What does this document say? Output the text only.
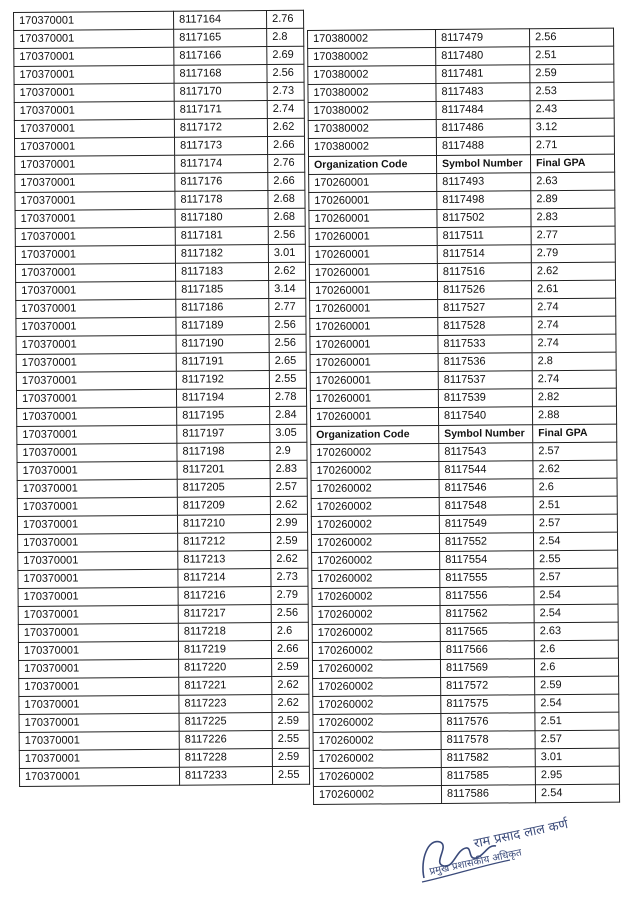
170370001	8117164	2.76
170370001	8117165	2.8
170370001	8117166	2.69
170370001	8117168	2.56
170370001	8117170	2.73
170370001	8117171	2.74
170370001	8117172	2.62
170370001	8117173	2.66
170370001	8117174	2.76
170370001	8117176	2.66
170370001	8117178	2.68
170370001	8117180	2.68
170370001	8117181	2.56
170370001	8117182	3.01
170370001	8117183	2.62
170370001	8117185	3.14
170370001	8117186	2.77
170370001	8117189	2.56
170370001	8117190	2.56
170370001	8117191	2.65
170370001	8117192	2.55
170370001	8117194	2.78
170370001	8117195	2.84
170370001	8117197	3.05
170370001	8117198	2.9
170370001	8117201	2.83
170370001	8117205	2.57
170370001	8117209	2.62
170370001	8117210	2.99
170370001	8117212	2.59
170370001	8117213	2.62
170370001	8117214	2.73
170370001	8117216	2.79
170370001	8117217	2.56
170370001	8117218	2.6
170370001	8117219	2.66
170370001	8117220	2.59
170370001	8117221	2.62
170370001	8117223	2.62
170370001	8117225	2.59
170370001	8117226	2.55
170370001	8117228	2.59
170370001	8117233	2.55
170380002	8117479	2.56
170380002	8117480	2.51
170380002	8117481	2.59
170380002	8117483	2.53
170380002	8117484	2.43
170380002	8117486	3.12
170380002	8117488	2.71
Organization Code	Symbol Number	Final GPA
170260001	8117493	2.63
170260001	8117498	2.89
170260001	8117502	2.83
170260001	8117511	2.77
170260001	8117514	2.79
170260001	8117516	2.62
170260001	8117526	2.61
170260001	8117527	2.74
170260001	8117528	2.74
170260001	8117533	2.74
170260001	8117536	2.8
170260001	8117537	2.74
170260001	8117539	2.82
170260001	8117540	2.88
Organization Code	Symbol Number	Final GPA
170260002	8117543	2.57
170260002	8117544	2.62
170260002	8117546	2.6
170260002	8117548	2.51
170260002	8117549	2.57
170260002	8117552	2.54
170260002	8117554	2.55
170260002	8117555	2.57
170260002	8117556	2.54
170260002	8117562	2.54
170260002	8117565	2.63
170260002	8117566	2.6
170260002	8117569	2.6
170260002	8117572	2.59
170260002	8117575	2.54
170260002	8117576	2.51
170260002	8117578	2.57
170260002	8117582	3.01
170260002	8117585	2.95
170260002	8117586	2.54
राम प्रसाद लाल कर्ण
प्रमुख प्रशासकीय अधिकृत
